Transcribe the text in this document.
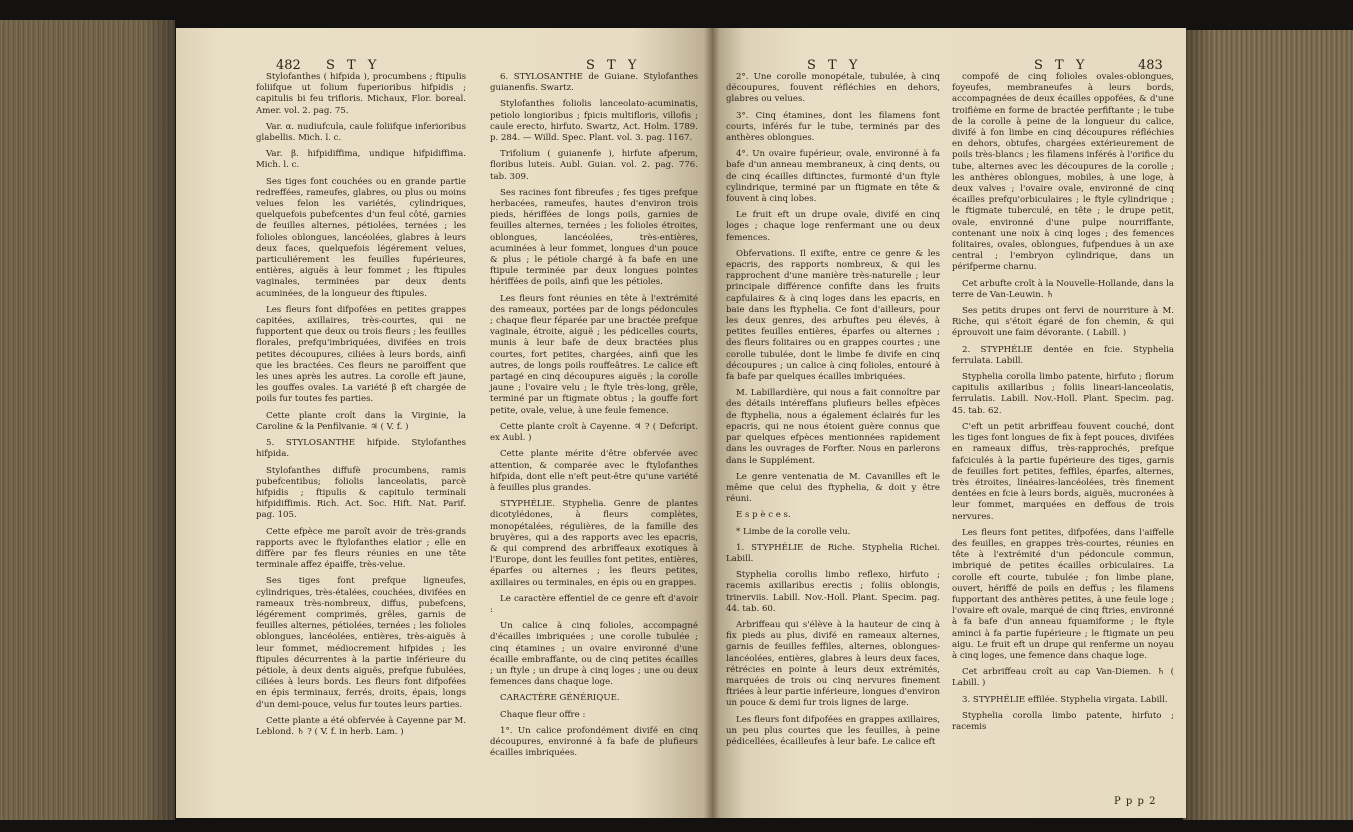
482 S T Y	S T Y

Stylofanthes ( hifpida ), procumbens ; ftipulis foliifque ut folium fuperioribus hifpidis ; capitulis bi feu trifloris. Michaux, Flor. boreal. Amer. vol. 2. pag. 75.

Var. α. nudiufcula, caule foliifque inferioribus glabellis. Mich. l. c.

Var. β. hifpidiffima, undique hifpidiffima. Mich. l. c.

Ses tiges font couchées ou en grande partie redreffées, rameufes, glabres, ou plus ou moins velues felon les variétés, cylindriques, quelquefois pubefcentes d'un feul côté, garnies de feuilles alternes, pétiolées, ternées ; les folioles oblongues, lancéolées, glabres à leurs deux faces, quelquefois légérement velues, particuliérement les feuilles fupérieures, entières, aiguës à leur fommet ; les ftipules vaginales, terminées par deux dents acuminées, de la longueur des ftipules.

Les fleurs font difpofées en petites grappes capitées, axillaires, très-courtes, qui ne fupportent que deux ou trois fleurs ; les feuilles florales, prefqu'imbriquées, divifées en trois petites découpures, ciliées à leurs bords, ainfi que les bractées. Ces fleurs ne paroiffent que les unes après les autres. La corolle eft jaune, les gouffes ovales. La variété β eft chargée de poils fur toutes fes parties.

Cette plante croît dans la Virginie, la Caroline & la Penfilvanie. ♃ ( V. f. )

5. STYLOSANTHE hifpide. Stylofanthes hifpida.

Stylofanthes diffufè procumbens, ramis pubefcentibus; foliolis lanceolatis, parcè hifpidis ; ftipulis & capitulo terminali hifpidiffimis. Rich. Act. Soc. Hift. Nat. Parif. pag. 105.

Cette efpèce me paroît avoir de très-grands rapports avec le ftylofanthes elatior ; elle en diffère par fes fleurs réunies en une tête terminale affez épaiffe, très-velue.

Ses tiges font prefque ligneufes, cylindriques, très-étalées, couchées, divifées en rameaux très-nombreux, diffus, pubefcens, légérement comprimés, grêles, garnis de feuilles alternes, pétiolées, ternées ; les folioles oblongues, lancéolées, entières, très-aiguës à leur fommet, médiocrement hifpides ; les ftipules décurrentes à la partie inférieure du pétiole, à deux dents aiguës, prefque fubulées, ciliées à leurs bords. Les fleurs font difpofées en épis terminaux, ferrés, droits, épais, longs d'un demi-pouce, velus fur toutes leurs parties.

Cette plante a été obfervée à Cayenne par M. Leblond. ♄ ? ( V. f. in herb. Lam. )

6. STYLOSANTHE de Guiane. Stylofanthes guianenfis. Swartz.

Stylofanthes foliolis lanceolato-acuminatis, petiolo longioribus ; fpicis multifloris, villofis ; caule erecto, hirfuto. Swartz, Act. Holm. 1789. p. 284. — Willd. Spec. Plant. vol. 3. pag. 1167.

Trifolium ( guianenfe ), hirfute afperum, floribus luteis. Aubl. Guian. vol. 2. pag. 776. tab. 309.

Ses racines font fibreufes ; fes tiges prefque herbacées, rameufes, hautes d'environ trois pieds, hériffées de longs poils, garnies de feuilles alternes, ternées ; les folioles étroites, oblongues, lancéolées, très-entières, acuminées à leur fommet, longues d'un pouce & plus ; le pétiole chargé à fa bafe en une ftipule terminée par deux longues pointes hériffées de poils, ainfi que les pétioles.

Les fleurs font réunies en tête à l'extrémité des rameaux, portées par de longs pédoncules ; chaque fleur féparée par une bractée prefque vaginale, étroite, aiguë ; les pédicelles courts, munis à leur bafe de deux bractées plus courtes, fort petites, chargées, ainfi que les autres, de longs poils rouffeâtres. Le calice eft partagé en cinq découpures aiguës ; la corolle jaune ; l'ovaire velu ; le ftyle très-long, grêle, terminé par un ftigmate obtus ; la gouffe fort petite, ovale, velue, à une feule femence.

Cette plante croît à Cayenne. ♃ ? ( Defcript. ex Aubl. )

Cette plante mérite d'être obfervée avec attention, & comparée avec le ftylofanthes hifpida, dont elle n'eft peut-être qu'une variété à feuilles plus grandes.

STYPHÉLIE. Styphelia. Genre de plantes dicotylédones, à fleurs complètes, monopétalées, régulières, de la famille des bruyères, qui a des rapports avec les epacris, & qui comprend des arbriffeaux exotiques à l'Europe, dont les feuilles font petites, entières, éparfes ou alternes ; les fleurs petites, axillaires ou terminales, en épis ou en grappes.

Le caractère effentiel de ce genre eft d'avoir :

Un calice à cinq folioles, accompagné d'écailles imbriquées ; une corolle tubulée ; cinq étamines ; un ovaire environné d'une écaille embraffante, ou de cinq petites écailles ; un ftyle ; un drupe à cinq loges ; une ou deux femences dans chaque loge.

CARACTÈRE GÉNÉRIQUE.

Chaque fleur offre :

1°. Un calice profondément divifé en cinq découpures, environné à fa bafe de plufieurs écailles imbriquées.

S T Y	S T Y	483

2°. Une corolle monopétale, tubulée, à cinq découpures, fouvent réfléchies en dehors, glabres ou velues.

3°. Cinq étamines, dont les filamens font courts, inférés fur le tube, terminés par des anthères oblongues.

4°. Un ovaire fupérieur, ovale, environné à fa bafe d'un anneau membraneux, à cinq dents, ou de cinq écailles diftinctes, furmonté d'un ftyle cylindrique, terminé par un ftigmate en tête & fouvent à cinq lobes.

Le fruit eft un drupe ovale, divifé en cinq loges ; chaque loge renfermant une ou deux femences.

Obfervations. Il exifte, entre ce genre & les epacris, des rapports nombreux, & qui les rapprochent d'une manière très-naturelle ; leur principale différence confifte dans les fruits capfulaires & à cinq loges dans les epacris, en baie dans les ftyphelia. Ce font d'ailleurs, pour les deux genres, des arbuftes peu élevés, à petites feuilles entières, éparfes ou alternes ; des fleurs folitaires ou en grappes courtes ; une corolle tubulée, dont le limbe fe divife en cinq découpures ; un calice à cinq folioles, entouré à fa bafe par quelques écailles imbriquées.

M. Labillardière, qui nous a fait connoître par des détails intéreffans plufieurs belles efpèces de ftyphelia, nous a également éclairés fur les epacris, qui ne nous étoient guère connus que par quelques efpèces mentionnées rapidement dans les ouvrages de Forfter. Nous en parlerons dans le Supplément.

Le genre ventenatia de M. Cavanilles eft le même que celui des ftyphelia, & doit y être réuni.

E s p è c e s.

* Limbe de la corolle velu.

1. STYPHÉLIE de Riche. Styphelia Richei. Labill.

Styphelia corollis limbo reflexo, hirfuto ; racemis axillaribus erectis ; foliis oblongis, trinerviis. Labill. Nov.-Holl. Plant. Specim. pag. 44. tab. 60.

Arbriffeau qui s'élève à la hauteur de cinq à fix pieds au plus, divifé en rameaux alternes, garnis de feuilles feffiles, alternes, oblongues-lancéolées, entières, glabres à leurs deux faces, rétrécies en pointe à leurs deux extrémités, marquées de trois ou cinq nervures finement ftriées à leur partie inférieure, longues d'environ un pouce & demi fur trois lignes de large.

Les fleurs font difpofées en grappes axillaires, un peu plus courtes que les feuilles, à peine pédicellées, écailleufes à leur bafe. Le calice eft

compofé de cinq folioles ovales-oblongues, foyeufes, membraneufes à leurs bords, accompagnées de deux écailles oppofées, & d'une troifième en forme de bractée perfiftante ; le tube de la corolle à peine de la longueur du calice, divifé à fon limbe en cinq découpures réfléchies en dehors, obtufes, chargées extérieurement de poils très-blancs ; les filamens inférés à l'orifice du tube, alternes avec les découpures de la corolle ; les anthères oblongues, mobiles, à une loge, à deux valves ; l'ovaire ovale, environné de cinq écailles prefqu'orbiculaires ; le ftyle cylindrique ; le ftigmate tuberculé, en tête ; le drupe petit, ovale, environné d'une pulpe nourriffante, contenant une noix à cinq loges ; des femences folitaires, ovales, oblongues, fufpendues à un axe central ; l'embryon cylindrique, dans un périfperme charnu.

Cet arbufte croît à la Nouvelle-Hollande, dans la terre de Van-Leuwin. ♄

Ses petits drupes ont fervi de nourriture à M. Riche, qui s'étoit égaré de fon chemin, & qui éprouvoit une faim dévorante. ( Labill. )

2. STYPHÉLIE dentée en fcie. Styphelia ferrulata. Labill.

Styphelia corolla limbo patente, hirfuto ; florum capitulis axillaribus ; foliis lineari-lanceolatis, ferrulatis. Labill. Nov.-Holl. Plant. Specim. pag. 45. tab. 62.

C'eft un petit arbriffeau fouvent couché, dont les tiges font longues de fix à fept pouces, divifées en rameaux diffus, très-rapprochés, prefque fafciculés à la partie fupérieure des tiges, garnis de feuilles fort petites, feffiles, éparfes, alternes, très étroites, linéaires-lancéolées, très finement dentées en fcie à leurs bords, aiguës, mucronées à leur fommet, marquées en deffous de trois nervures.

Les fleurs font petites, difpofées, dans l'aiffelle des feuilles, en grappes très-courtes, réunies en tête à l'extrémité d'un pédoncule commun, imbriqué de petites écailles orbiculaires. La corolle eft courte, tubulée ; fon limbe plane, ouvert, hériffé de poils en deffus ; les filamens fupportant des anthères petites, à une feule loge ; l'ovaire eft ovale, marqué de cinq ftries, environné à fa bafe d'un anneau fquamiforme ; le ftyle aminci à fa partie fupérieure ; le ftigmate un peu aigu. Le fruit eft un drupe qui renferme un noyau à cinq loges, une femence dans chaque loge.

Cet arbriffeau croît au cap Van-Diemen. ♄ ( Labill. )

3. STYPHÉLIE effilée. Styphelia virgata. Labill.

Styphelia corolla limbo patente, hirfuto ; racemis

P p p 2
